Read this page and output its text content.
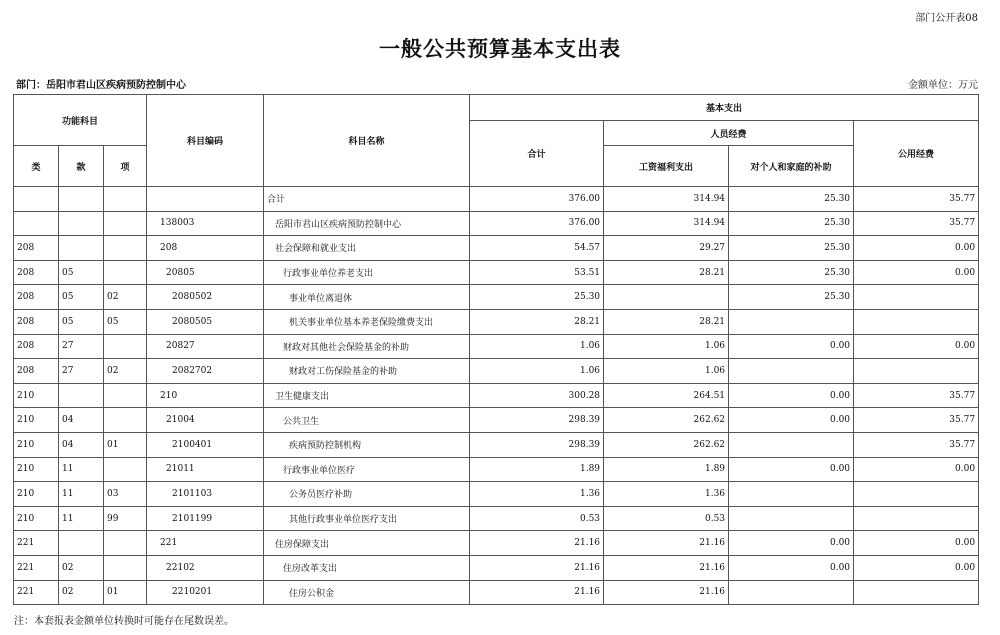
部门公开表08
一般公共预算基本支出表
部门：岳阳市君山区疾病预防控制中心	金额单位：万元
功能科目			科目编码	科目名称	基本支出			
					合计	人员经费		公用经费
类	款	项				工资福利支出	对个人和家庭的补助	
				合计	376.00	314.94	25.30	35.77
			138003	岳阳市君山区疾病预防控制中心	376.00	314.94	25.30	35.77
208			208	社会保障和就业支出	54.57	29.27	25.30	0.00
208	05		20805	行政事业单位养老支出	53.51	28.21	25.30	0.00
208	05	02	2080502	事业单位离退休	25.30		25.30	
208	05	05	2080505	机关事业单位基本养老保险缴费支出	28.21	28.21		
208	27		20827	财政对其他社会保险基金的补助	1.06	1.06	0.00	0.00
208	27	02	2082702	财政对工伤保险基金的补助	1.06	1.06		
210			210	卫生健康支出	300.28	264.51	0.00	35.77
210	04		21004	公共卫生	298.39	262.62	0.00	35.77
210	04	01	2100401	疾病预防控制机构	298.39	262.62		35.77
210	11		21011	行政事业单位医疗	1.89	1.89	0.00	0.00
210	11	03	2101103	公务员医疗补助	1.36	1.36		
210	11	99	2101199	其他行政事业单位医疗支出	0.53	0.53		
221			221	住房保障支出	21.16	21.16	0.00	0.00
221	02		22102	住房改革支出	21.16	21.16	0.00	0.00
221	02	01	2210201	住房公积金	21.16	21.16		
注：本套报表金额单位转换时可能存在尾数误差。
